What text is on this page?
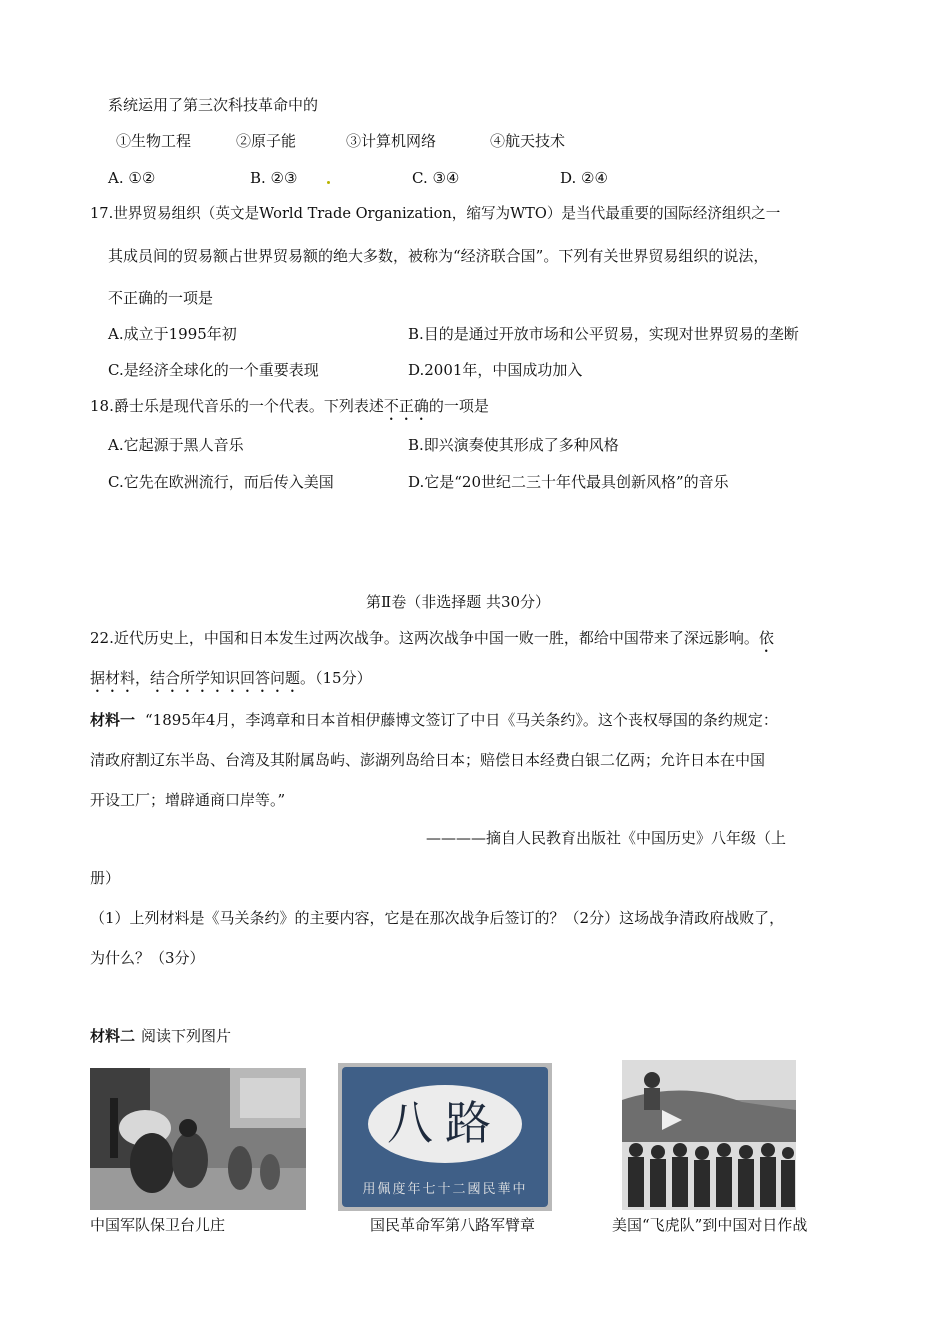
系统运用了第三次科技革命中的
①生物工程	②原子能	③计算机网络	④航天技术
A. ①②	B. ②③	C. ③④	D. ②④
17.世界贸易组织（英文是World Trade Organization，缩写为WTO）是当代最重要的国际经济组织之一
其成员间的贸易额占世界贸易额的绝大多数，被称为“经济联合国”。下列有关世界贸易组织的说法，
不正确的一项是
A.成立于1995年初	B.目的是通过开放市场和公平贸易，实现对世界贸易的垄断
C.是经济全球化的一个重要表现	D.2001年，中国成功加入
18.爵士乐是现代音乐的一个代表。下列表述不正确的一项是
A.它起源于黑人音乐	B.即兴演奏使其形成了多种风格
C.它先在欧洲流行，而后传入美国	D.它是“20世纪二三十年代最具创新风格”的音乐
第Ⅱ卷（非选择题 共30分）
22.近代历史上，中国和日本发生过两次战争。这两次战争中国一败一胜，都给中国带来了深远影响。依
据材料，结合所学知识回答问题。（15分）
材料一 “1895年4月，李鸿章和日本首相伊藤博文签订了中日《马关条约》。这个丧权辱国的条约规定：
清政府割辽东半岛、台湾及其附属岛屿、澎湖列岛给日本；赔偿日本经费白银二亿两；允许日本在中国
开设工厂；增辟通商口岸等。”
————摘自人民教育出版社《中国历史》八年级（上
册）
（1）上列材料是《马关条约》的主要内容，它是在那次战争后签订的？（2分）这场战争清政府战败了，
为什么？（3分）
材料二 阅读下列图片
八路
中華民國二十七年度佩用
中国军队保卫台儿庄	国民革命军第八路军臂章	美国“飞虎队”到中国对日作战
